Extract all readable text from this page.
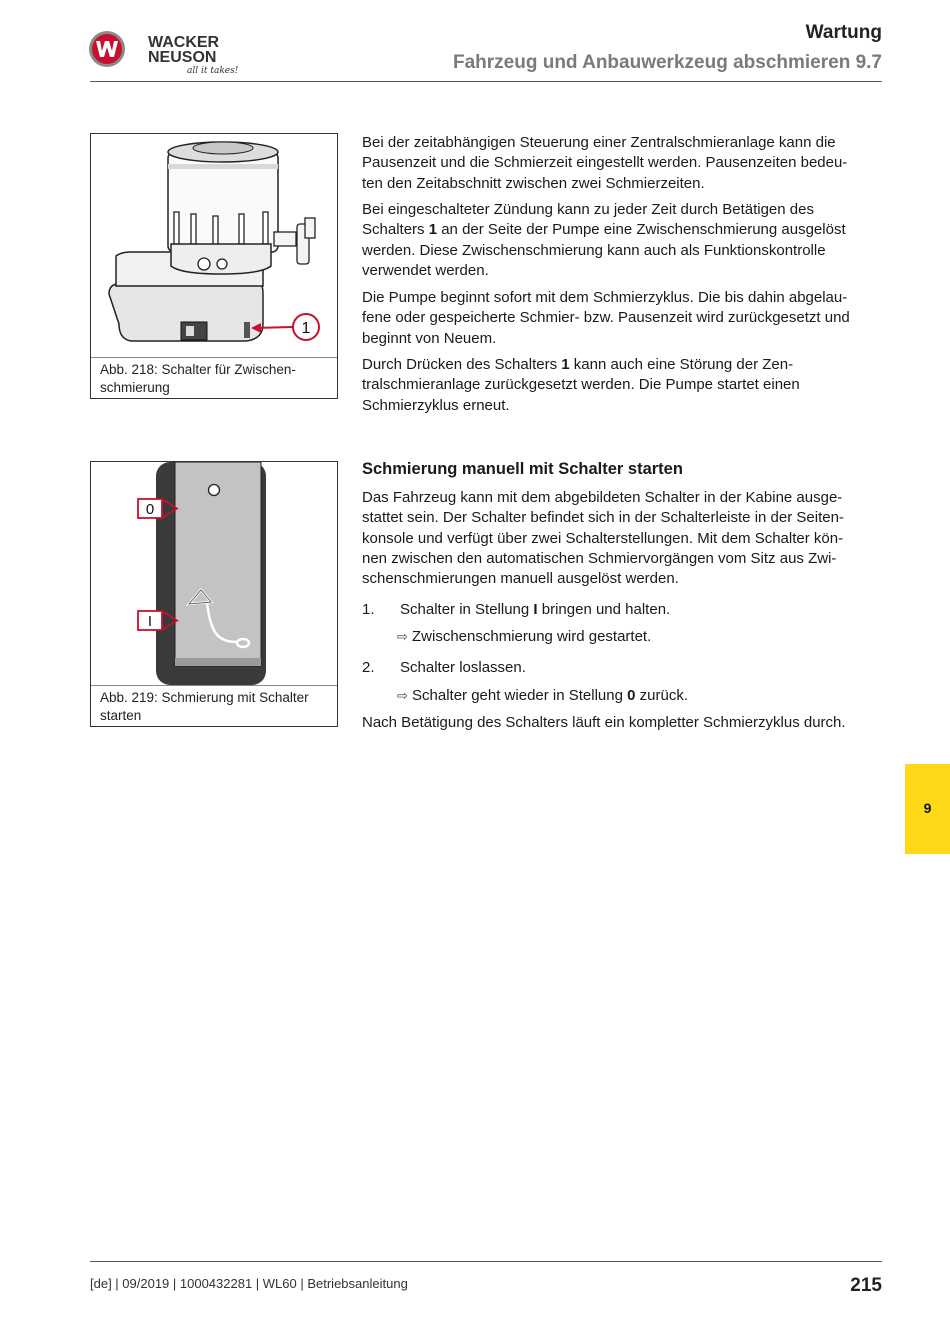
WACKER
NEUSON
all it takes!
Wartung
Fahrzeug und Anbauwerkzeug abschmieren 9.7
1
Abb. 218: Schalter für Zwischen-
schmierung
0
I
Abb. 219: Schmierung mit Schalter
starten
Bei der zeitabhängigen Steuerung einer Zentralschmieranlage kann die
Pausenzeit und die Schmierzeit eingestellt werden. Pausenzeiten bedeu-
ten den Zeitabschnitt zwischen zwei Schmierzeiten.
Bei eingeschalteter Zündung kann zu jeder Zeit durch Betätigen des
Schalters 1 an der Seite der Pumpe eine Zwischenschmierung ausgelöst
werden. Diese Zwischenschmierung kann auch als Funktionskontrolle
verwendet werden.
Die Pumpe beginnt sofort mit dem Schmierzyklus. Die bis dahin abgelau-
fene oder gespeicherte Schmier- bzw. Pausenzeit wird zurückgesetzt und
beginnt von Neuem.
Durch Drücken des Schalters 1 kann auch eine Störung der Zen-
tralschmieranlage zurückgesetzt werden. Die Pumpe startet einen
Schmierzyklus erneut.
Schmierung manuell mit Schalter starten
Das Fahrzeug kann mit dem abgebildeten Schalter in der Kabine ausge-
stattet sein. Der Schalter befindet sich in der Schalterleiste in der Seiten-
konsole und verfügt über zwei Schalterstellungen. Mit dem Schalter kön-
nen zwischen den automatischen Schmiervorgängen vom Sitz aus Zwi-
schenschmierungen manuell ausgelöst werden.
1. Schalter in Stellung I bringen und halten.
⇨ Zwischenschmierung wird gestartet.
2. Schalter loslassen.
⇨ Schalter geht wieder in Stellung 0 zurück.
Nach Betätigung des Schalters läuft ein kompletter Schmierzyklus durch.
9
[de] | 09/2019 | 1000432281 | WL60 | Betriebsanleitung	215
